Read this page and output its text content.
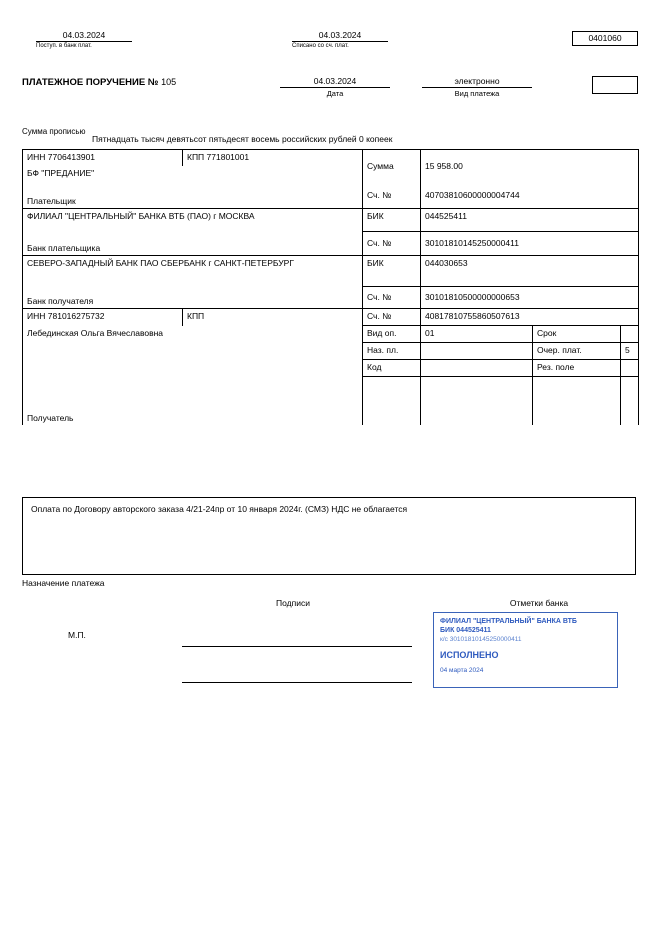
04.03.2024
Поступ. в банк плат.
04.03.2024
Списано со сч. плат.
0401060
ПЛАТЕЖНОЕ ПОРУЧЕНИЕ № 105	04.03.2024
Дата
электронно
Вид платежа
Сумма прописью
Пятнадцать тысяч девятьсот пятьдесят восемь российских рублей 0 копеек
ИНН 7706413901	КПП 771801001	Сумма	15 958.00		
БФ "ПРЕДАНИЕ"					
Плательщик		Сч. №	40703810600000004744		
ФИЛИАЛ "ЦЕНТРАЛЬНЫЙ" БАНКА ВТБ (ПАО) г МОСКВА		БИК	044525411		
Банк плательщика		Сч. №	30101810145250000411		
СЕВЕРО-ЗАПАДНЫЙ БАНК ПАО СБЕРБАНК г САНКТ-ПЕТЕРБУРГ		БИК	044030653		
Банк получателя		Сч. №	30101810500000000653		
ИНН 781016275732	КПП	Сч. №	40817810755860507613		
Лебединская Ольга Вячеславовна		Вид оп.	01	Срок	
		Наз. пл.		Очер. плат.	5
		Код		Рез. поле	

Получатель					
Оплата по Договору авторского заказа 4/21-24пр от 10 января 2024г. (СМЗ) НДС не облагается
Назначение платежа
Подписи	Отметки банка
М.П.
ФИЛИАЛ "ЦЕНТРАЛЬНЫЙ" БАНКА ВТБ
БИК 044525411
к/с 30101810145250000411
ИСПОЛНЕНО
04 марта 2024
